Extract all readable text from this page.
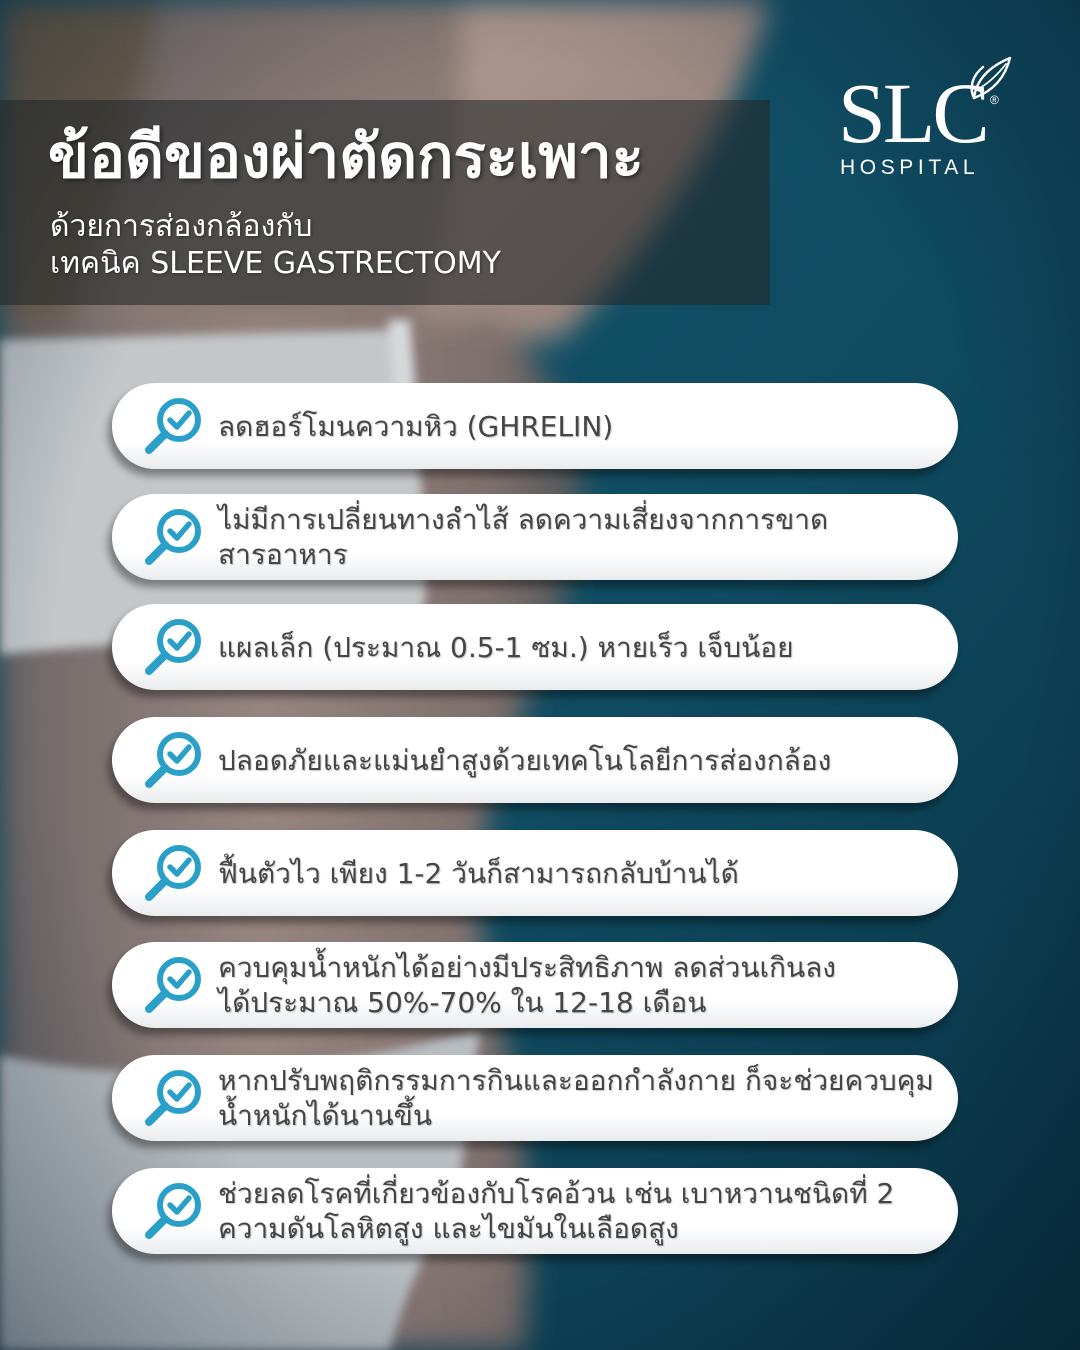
ข้อดีของผ่าตัดกระเพาะ
ด้วยการส่องกล้องกับ
เทคนิค SLEEVE GASTRECTOMY
SLC ®
HOSPITAL
ลดฮอร์โมนความหิว (GHRELIN)
ไม่มีการเปลี่ยนทางลำไส้ ลดความเสี่ยงจากการขาด
สารอาหาร
แผลเล็ก (ประมาณ 0.5-1 ซม.) หายเร็ว เจ็บน้อย
ปลอดภัยและแม่นยำสูงด้วยเทคโนโลยีการส่องกล้อง
ฟื้นตัวไว เพียง 1-2 วันก็สามารถกลับบ้านได้
ควบคุมน้ำหนักได้อย่างมีประสิทธิภาพ ลดส่วนเกินลง
ได้ประมาณ 50%-70% ใน 12-18 เดือน
หากปรับพฤติกรรมการกินและออกกำลังกาย ก็จะช่วยควบคุม
น้ำหนักได้นานขึ้น
ช่วยลดโรคที่เกี่ยวข้องกับโรคอ้วน เช่น เบาหวานชนิดที่ 2
ความดันโลหิตสูง และไขมันในเลือดสูง
